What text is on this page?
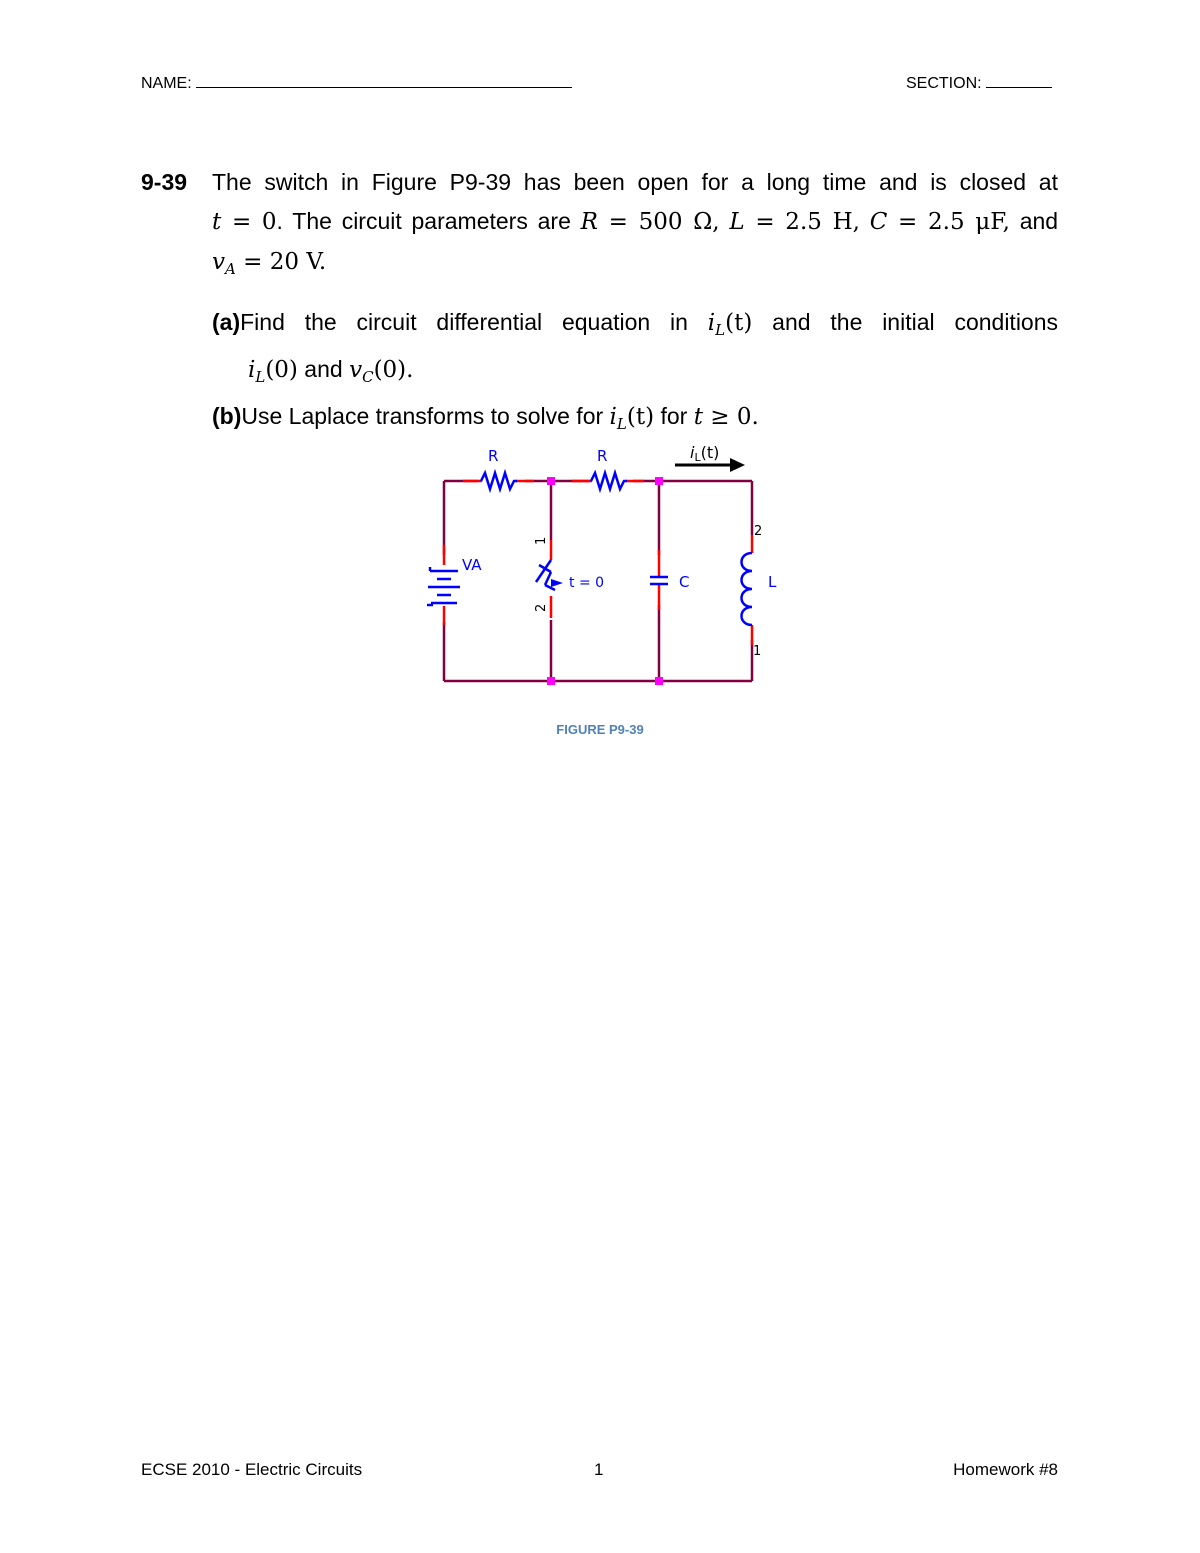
NAME:	SECTION:
9-39 The switch in Figure P9-39 has been open for a long time and is closed at
t = 0. The circuit parameters are R = 500 Ω, L = 2.5 H, C = 2.5 μF, and
$v_A = 20$ V.
(a)Find the circuit differential equation in $i_L(t)$ and the initial conditions
$i_L(0)$ and $v_C(0)$.
(b)Use Laplace transforms to solve for $i_L(t)$ for t ≥ 0.
R	R	iL(t)
VA
t = 0
1
2
C	L
2
1
FIGURE P9-39
ECSE 2010 - Electric Circuits	1	Homework #8
